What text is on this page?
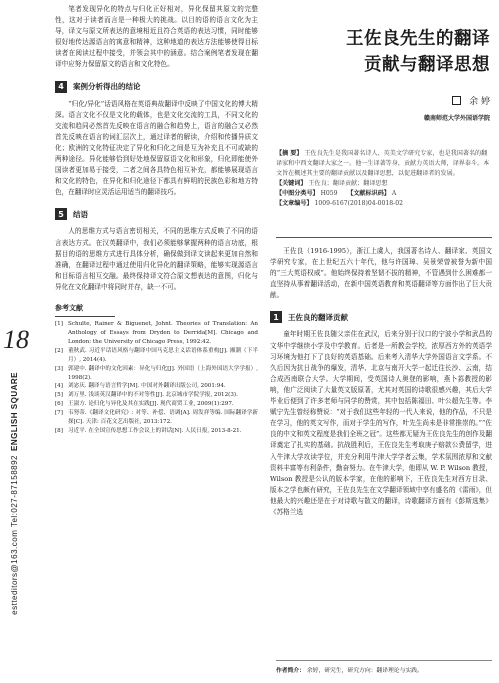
18
ENGLISH SQUARE
estteditors@163.com Tel:027-87158892

笔者发现异化的特点与归化正好相对，异化保留其原文的完整性，这对于读者而言是一种极大的挑战。以目的语的语言文化为主导，译文与原文所表达的意境相近且符合英语的表达习惯，同时能够很好地传达源语言的寓意和精神，这种地道的表达方法能够使得目标读者在阅读过程中接受，并领会其中的涵意。结合案例笔者发现在翻译中应努力保留原文的语言和文化特色。

4	案例分析得出的结论

“归化/异化”话语风格在英语典故翻译中反映了中国文化的博大精深。语言文化不仅是文化的载体，也是文化交流的工具，不同文化的交流和趋同必然首先反映在语言的融合和趋势上，语言的融合又必然首先反映在语言的词汇层次上，通过译者的解读，介绍和传播异质文化；欧洲的文化特征决定了异化和归化之间是互为补充且不可或缺的两种途径。异化能够恰到好处地保留原语文化和形象，归化即能使外国读者更加易于接受，二者之间各具特色相互补充，都能够展现语言和文化的特色，在异化和归化途径下都具有鲜明的民族色彩和地方特色，在翻译时应灵活运用适当的翻译技巧。

5	结语

人的思维方式与语言密切相关，不同的思维方式反映了不同的语言表达方式。在汉英翻译中，我们必须能够掌握两种的语言功底，根据目的语的思维方式进行具体分析，确保做到译文读起来更加自然和准确，在翻译过程中通过使用归化异化的翻译策略，能够实现源语言和目标语言相互交融。最终保持译文符合原文想表达的意图，归化与异化在文化翻译中将同时并存，缺一不可。

参考文献
[1] Schulte, Rainer & Biguenet, Johnt. Theories of Translation: An Anthology of Essays from Dryden to Derrida[M]. Chicago and London: the University of Chicago Press, 1992:42.
[2] 董秋武. 习近平话语风格与翻译中国马克思主义话语体系重构[J]. 湘潮（下半月）, 2014(4).
[3] 郭建中. 翻译中的文化因素：异化与归化[J]. 外国语（上海外国语大学学报）, 1998(2).
[4] 刘宓庆. 翻译与语言哲学[M]. 中国对外翻译出版公司, 2001:94.
[5] 刘万里. 浅谈英汉翻译中的不对等性[J]. 北京城市学院学报, 2012(3).
[6] 王淑方. 论归化与异化及其在实践[J]. 现代商贸工业, 2009(1):297.
[7] 韦努蒂.《翻译文化研究》: 对等、补偿、语调[A]. 周发祥等编. 国际翻译学新探[C]. 天津: 百花文艺出版社, 2013:172.
[8] 习近平. 在全国宣传思想工作会议上的讲话[N]. 人民日报, 2013-8-21.
王佐良先生的翻译
贡献与翻译思想
余 婷
赣南师范大学外国语学院
【摘 要】 王佐良先生是我国著名诗人、英美文学研究专家，也是我国著名的翻译家和中西文翻译大家之一。他一生译著等身，贡献力英语大师，译界泰斗。本文旨在概述其主要的翻译贡献以及翻译思想，以促进翻译者的发展。
【关键词】 王佐良；翻译贡献；翻译思想
【中图分类号】 H059 【文献标识码】 A
【文章编号】 1009-6167(2018)04-0018-02

王佐良（1916-1995），浙江上虞人，我国著名诗人、翻译家、英国文学研究专家，在上世纪五六十年代，他与许国璋、吴景荣曾被誉为新中国的“三大英语权威”。他始终保持着坚韧不拔的精神，不管遇到什么困难都一直坚持从事着翻译活动，在新中国英语教育和英语翻译等方面作出了巨大贡献。

1	王佐良的翻译贡献

童年时期王佐良随父亲住在武汉，后来分别于汉口的宁波小学和武昌的文华中学继续小学及中学教育。后者是一所教会学校，浓厚西方外的英语学习环境为他打下了良好的英语基础。后来考入清华大学外国语言文学系。不久后因为抗日战争的爆发，清华、北京与南开大学一起迁往长沙、云南，结合成西南联合大学。大学期间，受英国诗人奥登的影响，燕卜荪教授的影响，他广泛阅读了大量英文版原著，尤其对英国的诗歌很感兴趣，其后大学毕业后便到了许多老师与同学的赞赏，其中包括陈福田、叶公超先生等。李赋宁先生曾经称赞说：“对于我们这些年轻的一代人来说，他的作品，不只是在学习，他的英文写作，而对于学生的写作，叶先生尚未是非常推崇的。”“佐良的中文和英文程度是我们全班之冠”。这些都无疑为王佐良先生的创作及翻译奠定了扎实的基础。抗战胜利后，王佐良先生考取庚子赔款公费留学，进入牛津大学攻读学位，并充分利用牛津大学学者云集，学术氛围浓厚和文献资料丰富等有利条件，勤奋努力。在牛津大学，他即从 W. P. Wilson 教授，Wilson 教授是公认的版本学家，在他的影响下，王佐良先生对西方目录、版本之学也颇有研究，王佐良先生在文学翻译领域中享有盛名的《雷雨》，但他最大的兴趣还是在于对诗歌与散文的翻译，诗歌翻译方面有《彭斯选集》《苏格兰选

作者简介： 余婷，研究生，研究方向：翻译理论与实践。
